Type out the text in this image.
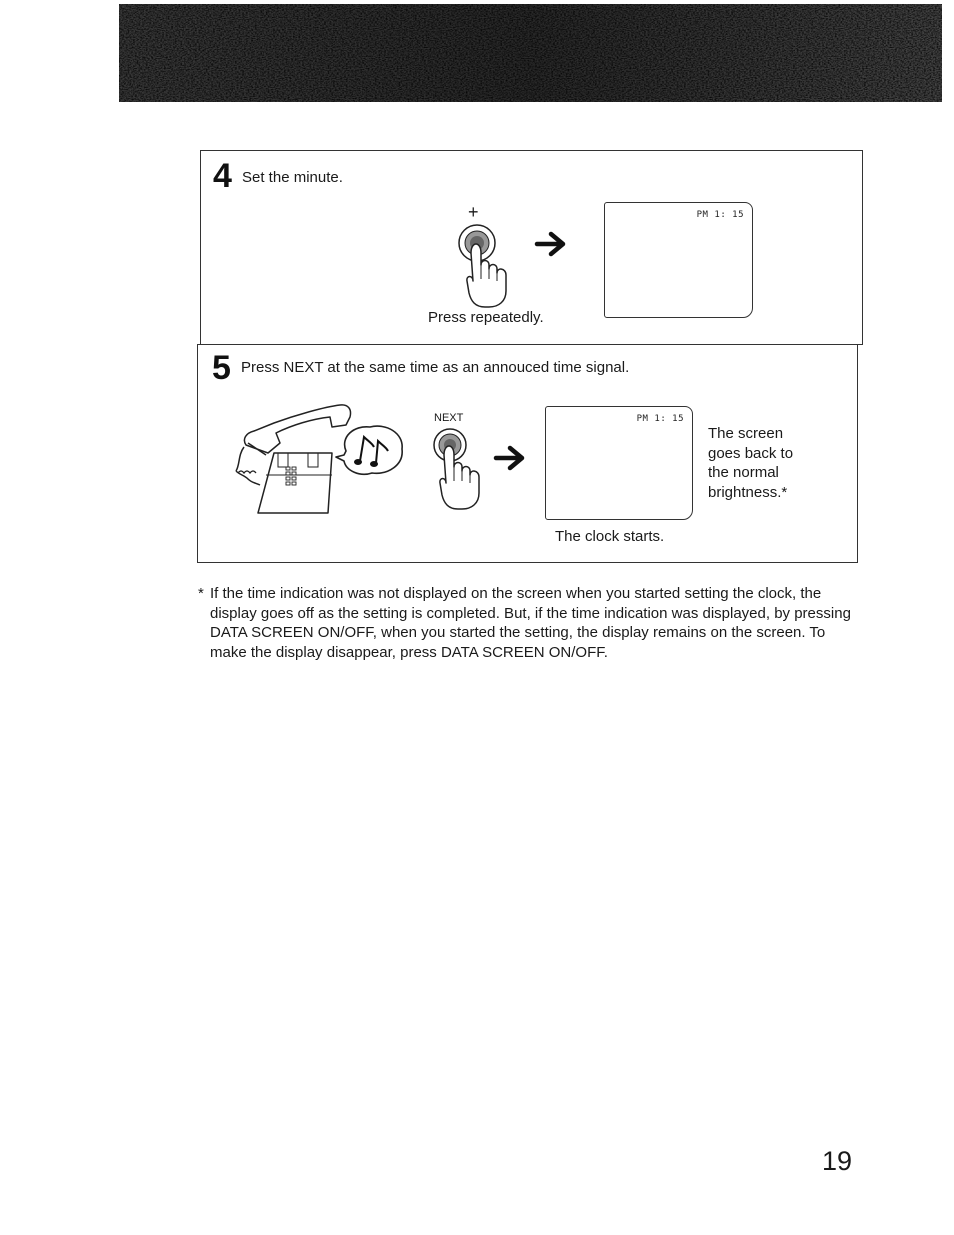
4 Set the minute.
+
Press repeatedly.
PM 1: 15
5 Press NEXT at the same time as an annouced time signal.
NEXT	PM 1: 15
The clock starts.
The screen goes back to the normal brightness.*
* If the time indication was not displayed on the screen when you started setting the clock, the display goes off as the setting is completed. But, if the time indication was displayed, by pressing DATA SCREEN ON/OFF, when you started the setting, the display remains on the screen. To make the display disappear, press DATA SCREEN ON/OFF.
19
